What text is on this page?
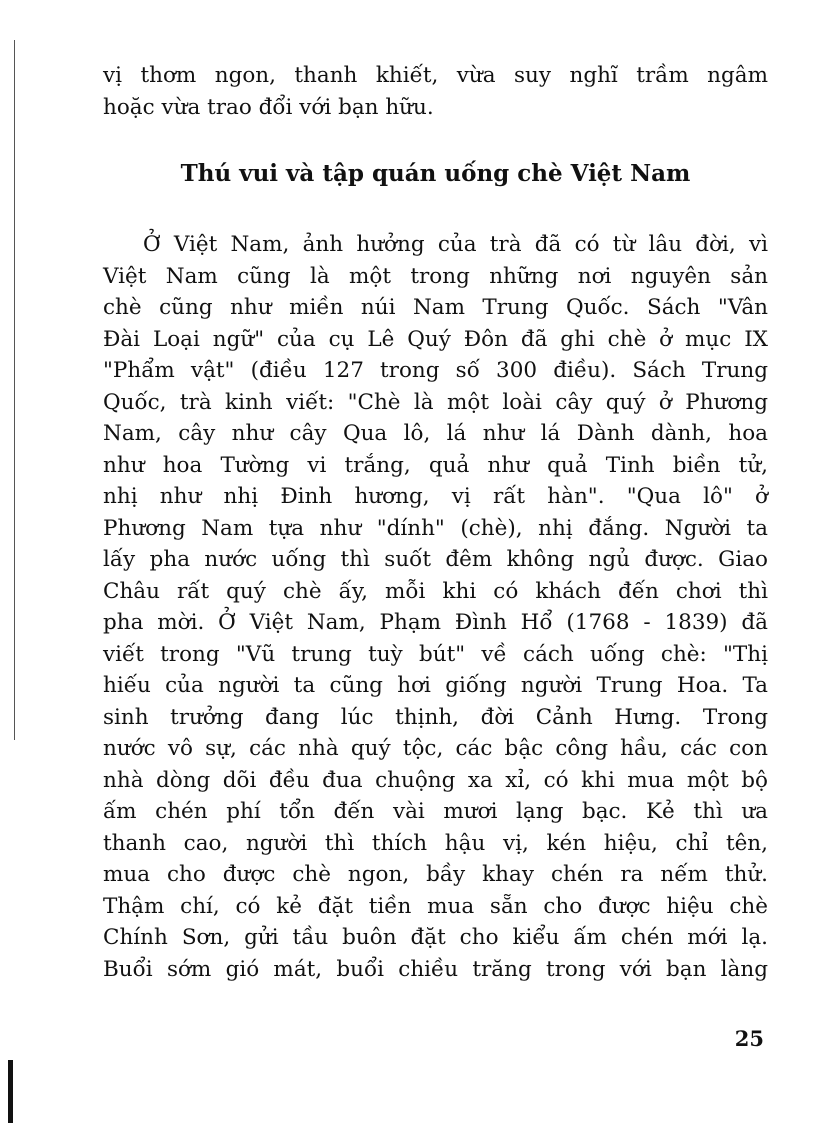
vị thơm ngon, thanh khiết, vừa suy nghĩ trầm ngâm
hoặc vừa trao đổi với bạn hữu.
Thú vui và tập quán uống chè Việt Nam
Ở Việt Nam, ảnh hưởng của trà đã có từ lâu đời, vì
Việt Nam cũng là một trong những nơi nguyên sản
chè cũng như miền núi Nam Trung Quốc. Sách "Vân
Đài Loại ngữ" của cụ Lê Quý Đôn đã ghi chè ở mục IX
"Phẩm vật" (điều 127 trong số 300 điều). Sách Trung
Quốc, trà kinh viết: "Chè là một loài cây quý ở Phương
Nam, cây như cây Qua lô, lá như lá Dành dành, hoa
như hoa Tường vi trắng, quả như quả Tinh biền tử,
nhị như nhị Đinh hương, vị rất hàn". "Qua lô" ở
Phương Nam tựa như "dính" (chè), nhị đắng. Người ta
lấy pha nước uống thì suốt đêm không ngủ được. Giao
Châu rất quý chè ấy, mỗi khi có khách đến chơi thì
pha mời. Ở Việt Nam, Phạm Đình Hổ (1768 - 1839) đã
viết trong "Vũ trung tuỳ bút" về cách uống chè: "Thị
hiếu của người ta cũng hơi giống người Trung Hoa. Ta
sinh trưởng đang lúc thịnh, đời Cảnh Hưng. Trong
nước vô sự, các nhà quý tộc, các bậc công hầu, các con
nhà dòng dõi đều đua chuộng xa xỉ, có khi mua một bộ
ấm chén phí tổn đến vài mươi lạng bạc. Kẻ thì ưa
thanh cao, người thì thích hậu vị, kén hiệu, chỉ tên,
mua cho được chè ngon, bầy khay chén ra nếm thử.
Thậm chí, có kẻ đặt tiền mua sẵn cho được hiệu chè
Chính Sơn, gửi tầu buôn đặt cho kiểu ấm chén mới lạ.
Buổi sớm gió mát, buổi chiều trăng trong với bạn làng
25
